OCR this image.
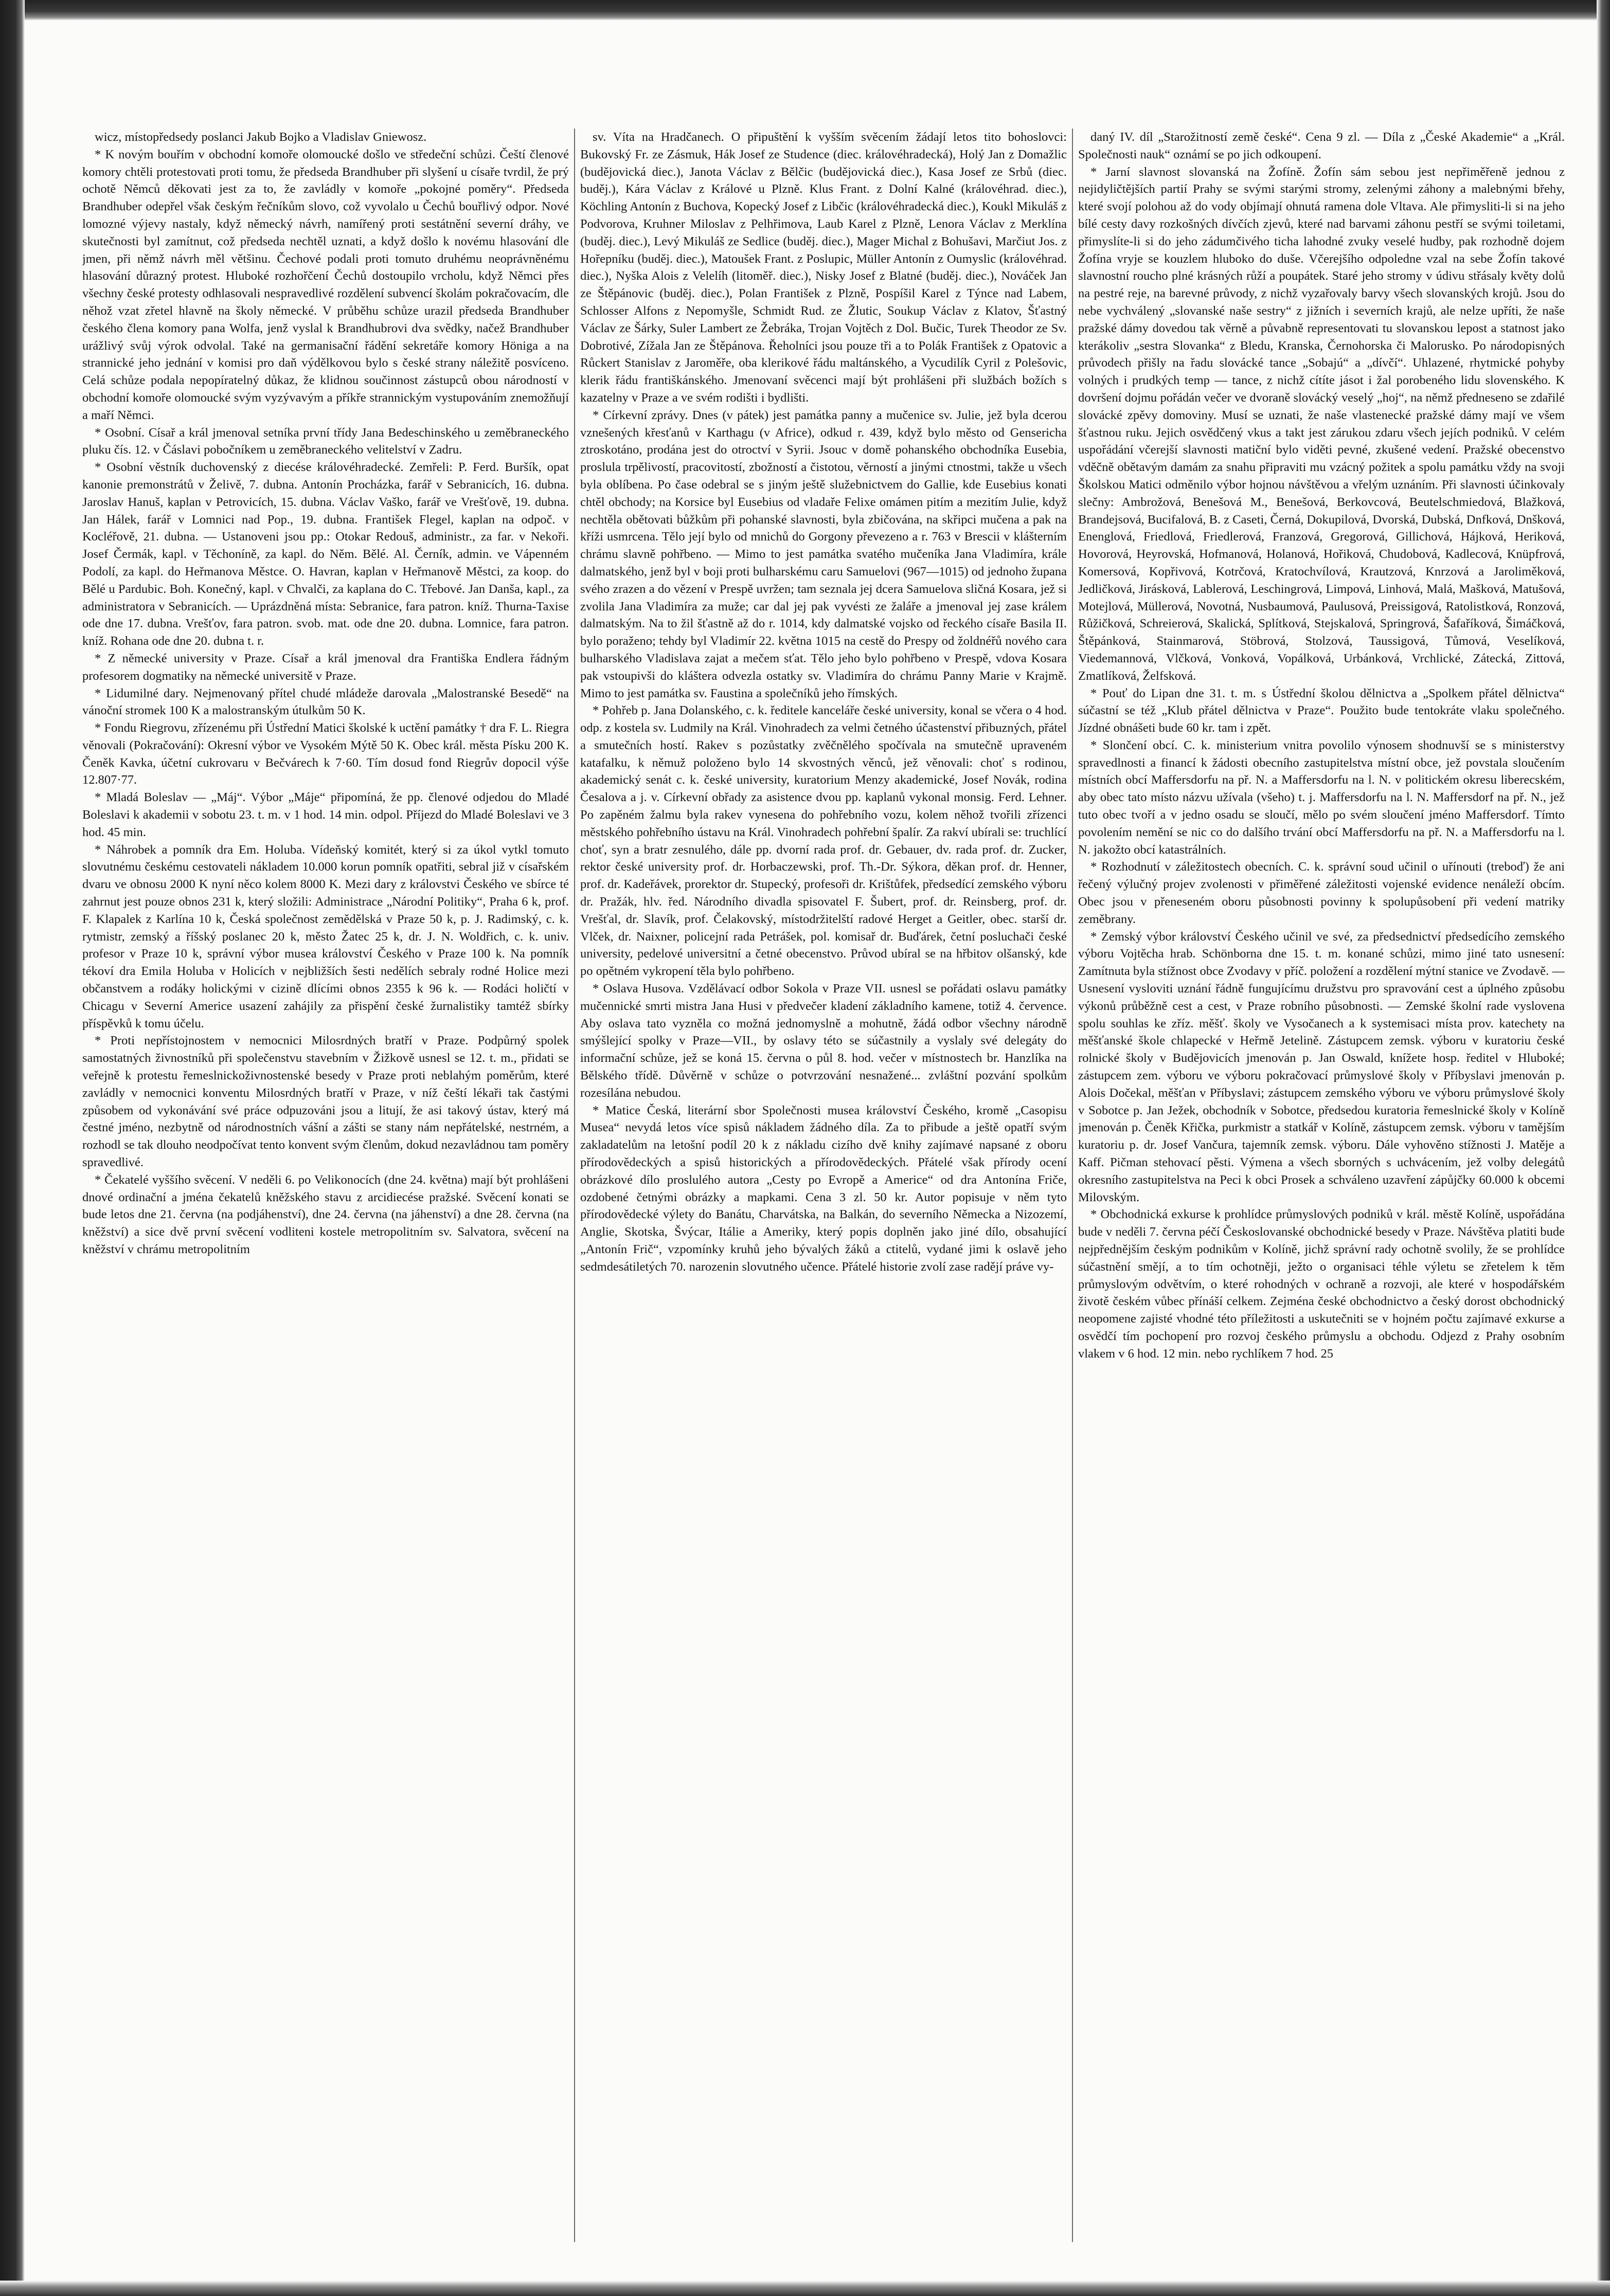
wicz, místopředsedy poslanci Jakub Bojko a Vladislav Gniewosz.

* K novým bouřím v obchodní komoře olomoucké došlo ve středeční schůzi. Čeští členové komory chtěli protestovati proti tomu, že předseda Brandhuber při slyšení u císaře tvrdil, že prý ochotě Němců děkovati jest za to, že zavládly v komoře „pokojné poměry“. Předseda Brandhuber odepřel však českým řečníkům slovo, což vyvolalo u Čechů bouřlivý odpor. Nové lomozné výjevy nastaly, když německý návrh, namířený proti sestátnění severní dráhy, ve skutečnosti byl zamítnut, což předseda nechtěl uznati, a když došlo k novému hlasování dle jmen, při němž návrh měl většinu. Čechové podali proti tomuto druhému neoprávněnému hlasování důrazný protest. Hluboké rozhořčení Čechů dostoupilo vrcholu, když Němci přes všechny české protesty odhlasovali nespravedlivé rozdělení subvencí školám pokračovacím, dle něhož vzat zřetel hlavně na školy německé. V průběhu schůze urazil předseda Brandhuber českého člena komory pana Wolfa, jenž vyslal k Brandhubrovi dva svědky, načež Brandhuber urážlivý svůj výrok odvolal. Také na germanisační řádění sekretáře komory Höniga a na strannické jeho jednání v komisi pro daň výdělkovou bylo s české strany náležitě posvíceno. Celá schůze podala nepopíratelný důkaz, že klidnou součinnost zástupců obou národností v obchodní komoře olomoucké svým vyzývavým a příkře strannickým vystupováním znemožňují a maří Němci.

* Osobní. Císař a král jmenoval setníka první třídy Jana Bedeschinského u zeměbraneckého pluku čís. 12. v Čáslavi pobočníkem u zeměbraneckého velitelství v Zadru.

* Osobní věstník duchovenský z diecése královéhradecké. Zemřeli: P. Ferd. Buršík, opat kanonie premonstrátů v Želivě, 7. dubna. Antonín Procházka, farář v Sebranicích, 16. dubna. Jaroslav Hanuš, kaplan v Petrovicích, 15. dubna. Václav Vaško, farář ve Vrešťově, 19. dubna. Jan Hálek, farář v Lomnici nad Pop., 19. dubna. František Flegel, kaplan na odpoč. v Kocléřově, 21. dubna. — Ustanoveni jsou pp.: Otokar Redouš, administr., za far. v Nekoři. Josef Čermák, kapl. v Těchoníně, za kapl. do Něm. Bělé. Al. Černík, admin. ve Vápenném Podolí, za kapl. do Heřmanova Městce. O. Havran, kaplan v Heřmanově Městci, za koop. do Bělé u Pardubic. Boh. Konečný, kapl. v Chvalči, za kaplana do C. Třebové. Jan Danša, kapl., za administratora v Sebranicích. — Uprázdněná místa: Sebranice, fara patron. kníž. Thurna-Taxise ode dne 17. dubna. Vrešťov, fara patron. svob. mat. ode dne 20. dubna. Lomnice, fara patron. kníž. Rohana ode dne 20. dubna t. r.

* Z německé university v Praze. Císař a král jmenoval dra Františka Endlera řádným profesorem dogmatiky na německé universitě v Praze.

* Lidumilné dary. Nejmenovaný přítel chudé mládeže darovala „Malostranské Besedě“ na vánoční stromek 100 K a malostranským útulkům 50 K.

* Fondu Riegrovu, zřízenému při Ústřední Matici školské k uctění památky † dra F. L. Riegra věnovali (Pokračování): Okresní výbor ve Vysokém Mýtě 50 K. Obec král. města Písku 200 K. Čeněk Kavka, účetní cukrovaru v Bečvárech k 7·60. Tím dosud fond Riegrův dopocil výše 12.807·77.

* Mladá Boleslav — „Máj“. Výbor „Máje“ připomíná, že pp. členové odjedou do Mladé Boleslavi k akademii v sobotu 23. t. m. v 1 hod. 14 min. odpol. Příjezd do Mladé Boleslavi ve 3 hod. 45 min.

* Náhrobek a pomník dra Em. Holuba. Vídeňský komitét, který si za úkol vytkl tomuto slovutnému českému cestovateli nákladem 10.000 korun pomník opatřiti, sebral již v císařském dvaru ve obnosu 2000 K nyní něco kolem 8000 K. Mezi dary z královstvi Českého ve sbírce té zahrnut jest pouze obnos 231 k, který složili: Administrace „Národní Politiky“, Praha 6 k, prof. F. Klapalek z Karlína 10 k, Česká společnost zemědělská v Praze 50 k, p. J. Radimský, c. k. rytmistr, zemský a říšský poslanec 20 k, město Žatec 25 k, dr. J. N. Woldřich, c. k. univ. profesor v Praze 10 k, správní výbor musea království Českého v Praze 100 k. Na pomník tékoví dra Emila Holuba v Holicích v nejbližších šesti nedělích sebraly rodné Holice mezi občanstvem a rodáky holickými v cizině dlícími obnos 2355 k 96 k. — Rodáci holičtí v Chicagu v Severní Americe usazení zahájily za přispění české žurnalistiky tamtéž sbírky příspěvků k tomu účelu.

* Proti nepřístojnostem v nemocnici Milosrdných bratří v Praze. Podpůrný spolek samostatných živnostníků při společenstvu stavebním v Žižkově usnesl se 12. t. m., přidati se veřejně k protestu řemeslnickoživnostenské besedy v Praze proti neblahým poměrům, které zavládly v nemocnici konventu Milosrdných bratří v Praze, v níž čeští lékaři tak častými způsobem od vykonávání své práce odpuzováni jsou a litují, že asi takový ústav, který má čestné jméno, nezbytně od národnostních vášní a zášti se stany nám nepřátelské, nestrném, a rozhodl se tak dlouho neodpočívat tento konvent svým členům, dokud nezavládnou tam poměry spravedlivé.

* Čekatelé vyššího svěcení. V neděli 6. po Velikonocích (dne 24. května) mají být prohlášeni dnové ordinační a jména čekatelů kněžského stavu z arcidiecése pražské. Svěcení konati se bude letos dne 21. června (na podjáhenství), dne 24. června (na jáhenství) a dne 28. června (na kněžství) a sice dvě první svěcení vodliteni kostele metropolitním sv. Salvatora, svěcení na kněžství v chrámu metropolitním

sv. Víta na Hradčanech. O připuštění k vyšším svěcením žádají letos tito bohoslovci: Bukovský Fr. ze Zásmuk, Hák Josef ze Studence (diec. královéhradecká), Holý Jan z Domažlic (budějovická diec.), Janota Václav z Bělčic (budějovická diec.), Kasa Josef ze Srbů (diec. buděj.), Kára Václav z Králové u Plzně. Klus Frant. z Dolní Kalné (královéhrad. diec.), Köchling Antonín z Buchova, Kopecký Josef z Libčic (královéhradecká diec.), Koukl Mikuláš z Podvorova, Kruhner Miloslav z Pelhřimova, Laub Karel z Plzně, Lenora Václav z Merklína (buděj. diec.), Levý Mikuláš ze Sedlice (buděj. diec.), Mager Michal z Bohušavi, Marčiut Jos. z Hořepníku (buděj. diec.), Matoušek Frant. z Poslupic, Müller Antonín z Oumyslic (královéhrad. diec.), Nyška Alois z Velelíh (litoměř. diec.), Nisky Josef z Blatné (buděj. diec.), Nováček Jan ze Štěpánovic (buděj. diec.), Polan František z Plzně, Pospíšil Karel z Týnce nad Labem, Schlosser Alfons z Nepomyšle, Schmidt Rud. ze Žlutic, Soukup Václav z Klatov, Šťastný Václav ze Šárky, Suler Lambert ze Žebráka, Trojan Vojtěch z Dol. Bučic, Turek Theodor ze Sv. Dobrotivé, Zížala Jan ze Štěpánova. Řeholníci jsou pouze tři a to Polák František z Opatovic a Růckert Stanislav z Jaroměře, oba klerikové řádu maltánského, a Vycudilík Cyril z Polešovic, klerik řádu františkánského. Jmenovaní svěcenci mají být prohlášeni při službách božích s kazatelny v Praze a ve svém rodišti i bydlišti.

* Církevní zprávy. Dnes (v pátek) jest památka panny a mučenice sv. Julie, jež byla dcerou vznešených křesťanů v Karthagu (v Africe), odkud r. 439, když bylo město od Gensericha ztroskotáno, prodána jest do otroctví v Syrii. Jsouc v domě pohanského obchodníka Eusebia, proslula trpělivostí, pracovitostí, zbožností a čistotou, věrností a jinými ctnostmi, takže u všech byla oblíbena. Po čase odebral se s jiným ještě služebnictvem do Gallie, kde Eusebius konati chtěl obchody; na Korsice byl Eusebius od vladaře Felixe omámen pitím a mezitím Julie, když nechtěla obětovati bůžkům při pohanské slavnosti, byla zbičována, na skřipci mučena a pak na kříži usmrcena. Tělo její bylo od mnichů do Gorgony převezeno a r. 763 v Brescii v klášterním chrámu slavně pohřbeno. — Mimo to jest památka svatého mučeníka Jana Vladimíra, krále dalmatského, jenž byl v boji proti bulharskému caru Samuelovi (967—1015) od jednoho župana svého zrazen a do vězení v Prespě uvržen; tam seznala jej dcera Samuelova sličná Kosara, jež si zvolila Jana Vladimíra za muže; car dal jej pak vyvésti ze žaláře a jmenoval jej zase králem dalmatským. Na to žil šťastně až do r. 1014, kdy dalmatské vojsko od řeckého císaře Basila II. bylo poraženo; tehdy byl Vladimír 22. května 1015 na cestě do Prespy od žoldnéřů nového cara bulharského Vladislava zajat a mečem sťat. Tělo jeho bylo pohřbeno v Prespě, vdova Kosara pak vstoupivši do kláštera odvezla ostatky sv. Vladimíra do chrámu Panny Marie v Krajmě. Mimo to jest památka sv. Faustina a společníků jeho římských.

* Pohřeb p. Jana Dolanského, c. k. ředitele kanceláře české university, konal se včera o 4 hod. odp. z kostela sv. Ludmily na Král. Vinohradech za velmi četného účastenství přibuzných, přátel a smutečních hostí. Rakev s pozůstatky zvěčnělého spočívala na smutečně upraveném katafalku, k němuž položeno bylo 14 skvostných věnců, jež věnovali: choť s rodinou, akademický senát c. k. české university, kuratorium Menzy akademické, Josef Novák, rodina Česalova a j. v. Církevní obřady za asistence dvou pp. kaplanů vykonal monsig. Ferd. Lehner. Po zapěném žalmu byla rakev vynesena do pohřebního vozu, kolem něhož tvořili zřízenci městského pohřebního ústavu na Král. Vinohradech pohřební špalír. Za rakví ubírali se: truchlící choť, syn a bratr zesnulého, dále pp. dvorní rada prof. dr. Gebauer, dv. rada prof. dr. Zucker, rektor české university prof. dr. Horbaczewski, prof. Th.-Dr. Sýkora, děkan prof. dr. Henner, prof. dr. Kadeřávek, prorektor dr. Stupecký, profesoři dr. Krištůfek, předsedící zemského výboru dr. Pražák, hlv. řed. Národního divadla spisovatel F. Šubert, prof. dr. Reinsberg, prof. dr. Vrešťal, dr. Slavík, prof. Čelakovský, místodržitelští radové Herget a Geitler, obec. starší dr. Vlček, dr. Naixner, policejní rada Petrášek, pol. komisař dr. Buďárek, četní posluchači české university, pedelové universitní a četné obecenstvo. Průvod ubíral se na hřbitov olšanský, kde po opětném vykropení těla bylo pohřbeno.

* Oslava Husova. Vzdělávací odbor Sokola v Praze VII. usnesl se pořádati oslavu památky mučennické smrti mistra Jana Husi v předvečer kladení základního kamene, totiž 4. července. Aby oslava tato vyzněla co možná jednomyslně a mohutně, žádá odbor všechny národně smýšlející spolky v Praze—VII., by oslavy této se súčastnily a vyslaly své delegáty do informační schůze, jež se koná 15. června o půl 8. hod. večer v místnostech br. Hanzlíka na Bělského třídě. Důvěrně v schůze o potvrzování nesnažené... zvláštní pozvání spolkům rozesílána nebudou.

* Matice Česká, literární sbor Společnosti musea království Českého, kromě „Casopisu Musea“ nevydá letos více spisů nákladem žádného díla. Za to přibude a ještě opatří svým zakladatelům na letošní podíl 20 k z nákladu cizího dvě knihy zajímavé napsané z oboru přírodovědeckých a spisů historických a přírodovědeckých. Přátelé však přírody ocení obrázkové dílo proslulého autora „Cesty po Evropě a Americe“ od dra Antonína Friče, ozdobené četnými obrázky a mapkami. Cena 3 zl. 50 kr. Autor popisuje v něm tyto přírodovědecké výlety do Banátu, Charvátska, na Balkán, do severního Německa a Nizozemí, Anglie, Skotska, Švýcar, Itálie a Ameriky, který popis doplněn jako jiné dílo, obsahující „Antonín Frič“, vzpomínky kruhů jeho bývalých žáků a ctitelů, vydané jimi k oslavě jeho sedmdesátiletých 70. narozenin slovutného učence. Přátelé historie zvolí zase radějí práve vy-

daný IV. díl „Starožitností země české“. Cena 9 zl. — Díla z „České Akademie“ a „Král. Společnosti nauk“ oznámí se po jich odkoupení.

* Jarní slavnost slovanská na Žofíně. Žofín sám sebou jest nepřiměřeně jednou z nejidyličtějších partií Prahy se svými starými stromy, zelenými záhony a malebnými břehy, které svojí polohou až do vody objímají ohnutá ramena dole Vltava. Ale přimysliti-li si na jeho bílé cesty davy rozkošných dívčích zjevů, které nad barvami záhonu pestří se svými toiletami, přimyslíte-li si do jeho zádumčivého ticha lahodné zvuky veselé hudby, pak rozhodně dojem Žofína vryje se kouzlem hluboko do duše. Včerejšího odpoledne vzal na sebe Žofín takové slavnostní roucho plné krásných růží a poupátek. Staré jeho stromy v údivu střásaly květy dolů na pestré reje, na barevné průvody, z nichž vyzařovaly barvy všech slovanských krojů. Jsou do nebe vychválený „slovanské naše sestry“ z jižních i severních krajů, ale nelze upříti, že naše pražské dámy dovedou tak věrně a půvabně representovati tu slovanskou lepost a statnost jako kterákoliv „sestra Slovanka“ z Bledu, Kranska, Černohorska či Malorusko. Po národopisných průvodech přišly na řadu slovácké tance „Sobajú“ a „dívčí“. Uhlazené, rhytmické pohyby volných i prudkých temp — tance, z nichž cítíte jásot i žal porobeného lidu slovenského. K dovršení dojmu pořádán večer ve dvoraně slovácký veselý „hoj“, na němž předneseno se zdařilé slovácké zpěvy domoviny. Musí se uznati, že naše vlastenecké pražské dámy mají ve všem šťastnou ruku. Jejich osvědčený vkus a takt jest zárukou zdaru všech jejích podniků. V celém uspořádání včerejší slavnosti matiční bylo viděti pevné, zkušené vedení. Pražské obecenstvo vděčně obětavým damám za snahu připraviti mu vzácný požitek a spolu památku vždy na svoji Školskou Matici odměnilo výbor hojnou návštěvou a vřelým uznáním. Při slavnosti účinkovaly slečny: Ambrožová, Benešová M., Benešová, Berkovcová, Beutelschmiedová, Blažková, Brandejsová, Bucifalová, B. z Caseti, Černá, Dokupilová, Dvorská, Dubská, Dnfková, Dnšková, Enenglová, Friedlová, Friedlerová, Franzová, Gregorová, Gillichová, Hájková, Heriková, Hovorová, Heyrovská, Hofmanová, Holanová, Hořiková, Chudobová, Kadlecová, Knüpfrová, Komersová, Kopřivová, Kotrčová, Kratochvílová, Krautzová, Knrzová a Jaroliměková, Jedličková, Jirásková, Lablerová, Leschingrová, Limpová, Linhová, Malá, Mašková, Matušová, Motejlová, Müllerová, Novotná, Nusbaumová, Paulusová, Preissigová, Ratolistková, Ronzová, Růžičková, Schreierová, Skalická, Splítková, Stejskalová, Springrová, Šafaříková, Šimáčková, Štěpánková, Stainmarová, Stöbrová, Stolzová, Taussigová, Tůmová, Veselíková, Viedemannová, Vlčková, Vonková, Vopálková, Urbánková, Vrchlické, Zátecká, Zittová, Zmatlíková, Želfsková.

* Pouť do Lipan dne 31. t. m. s Ústřední školou dělnictva a „Spolkem přátel dělnictva“ súčastní se též „Klub přátel dělnictva v Praze“. Použito bude tentokráte vlaku společného. Jízdné obnášeti bude 60 kr. tam i zpět.

* Slončení obcí. C. k. ministerium vnitra povolilo výnosem shodnuvší se s ministerstvy spravedlnosti a financí k žádosti obecního zastupitelstva místní obce, jež povstala sloučením místních obcí Maffersdorfu na př. N. a Maffersdorfu na l. N. v politickém okresu liberecském, aby obec tato místo názvu užívala (všeho) t. j. Maffersdorfu na l. N. Maffersdorf na př. N., jež tuto obec tvoří a v jedno osadu se sloučí, mělo po svém sloučení jméno Maffersdorf. Tímto povolením nemění se nic co do dalšího trvání obcí Maffersdorfu na př. N. a Maffersdorfu na l. N. jakožto obcí katastrálních.

* Rozhodnutí v záležitostech obecních. C. k. správní soud učinil o uřínouti (treboď) že ani řečený výlučný projev zvolenosti v přiměřené záležitosti vojenské evidence nenáleží obcím. Obec jsou v přeneseném oboru působnosti povinny k spolupůsobení při vedení matriky zeměbrany.

* Zemský výbor království Českého učinil ve své, za předsednictví předsedícího zemského výboru Vojtěcha hrab. Schönborna dne 15. t. m. konané schůzi, mimo jiné tato usnesení: Zamítnuta byla stížnost obce Zvodavy v příč. položení a rozdělení mýtní stanice ve Zvodavě. — Usnesení vysloviti uznání řádně fungujícímu družstvu pro spravování cest a úplného způsobu výkonů průběžně cest a cest, v Praze robního působnosti. — Zemské školní rade vyslovena spolu souhlas ke zříz. měšť. školy ve Vysočanech a k systemisaci místa prov. katechety na měšťanské škole chlapecké v Heřmě Jetelině. Zástupcem zemsk. výboru v kuratoriu české rolnické školy v Budějovicích jmenován p. Jan Oswald, knížete hosp. ředitel v Hluboké; zástupcem zem. výboru ve výboru pokračovací průmyslové školy v Příbyslavi jmenován p. Alois Dočekal, měšťan v Příbyslavi; zástupcem zemského výboru ve výboru průmyslové školy v Sobotce p. Jan Ježek, obchodník v Sobotce, předsedou kuratoria řemeslnické školy v Kolíně jmenován p. Čeněk Křička, purkmistr a statkář v Kolíně, zástupcem zemsk. výboru v tamějším kuratoriu p. dr. Josef Vančura, tajemník zemsk. výboru. Dále vyhověno stížnosti J. Matěje a Kaff. Pičman stehovací pěsti. Výmena a všech sborných s uchvácením, jež volby delegátů okresního zastupitelstva na Peci k obci Prosek a schváleno uzavření zápůjčky 60.000 k obcemi Milovským.

* Obchodnická exkurse k prohlídce průmyslových podniků v král. městě Kolíně, uspořádána bude v neděli 7. června péčí Českoslovanské obchodnické besedy v Praze. Návštěva platiti bude nejpřednějším českým podnikům v Kolíně, jichž správní rady ochotně svolily, že se prohlídce súčastnění smějí, a to tím ochotněji, ježto o organisaci téhle výletu se zřetelem k těm průmyslovým odvětvím, o které rohodných v ochraně a rozvoji, ale které v hospodářském životě českém vůbec přínáší celkem. Zejména české obchodnictvo a český dorost obchodnický neopomene zajisté vhodné této příležitosti a uskutečniti se v hojném počtu zajímavé exkurse a osvědčí tím pochopení pro rozvoj českého průmyslu a obchodu. Odjezd z Prahy osobním vlakem v 6 hod. 12 min. nebo rychlíkem 7 hod. 25
